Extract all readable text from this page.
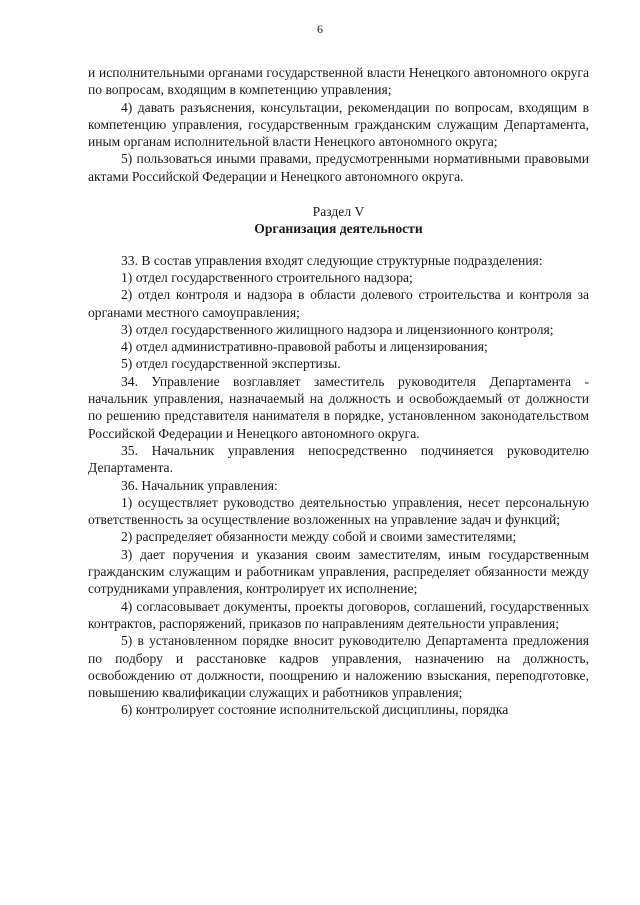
6

и исполнительными органами государственной власти Ненецкого автономного округа по вопросам, входящим в компетенцию управления;

4) давать разъяснения, консультации, рекомендации по вопросам, входящим в компетенцию управления, государственным гражданским служащим Департамента, иным органам исполнительной власти Ненецкого автономного округа;

5) пользоваться иными правами, предусмотренными нормативными правовыми актами Российской Федерации и Ненецкого автономного округа.

Раздел V

Организация деятельности

33. В состав управления входят следующие структурные подразделения:

1) отдел государственного строительного надзора;

2) отдел контроля и надзора в области долевого строительства и контроля за органами местного самоуправления;

3) отдел государственного жилищного надзора и лицензионного контроля;

4) отдел административно-правовой работы и лицензирования;

5) отдел государственной экспертизы.

34. Управление возглавляет заместитель руководителя Департамента - начальник управления, назначаемый на должность и освобождаемый от должности по решению представителя нанимателя в порядке, установленном законодательством Российской Федерации и Ненецкого автономного округа.

35. Начальник управления непосредственно подчиняется руководителю Департамента.

36. Начальник управления:

1) осуществляет руководство деятельностью управления, несет персональную ответственность за осуществление возложенных на управление задач и функций;

2) распределяет обязанности между собой и своими заместителями;

3) дает поручения и указания своим заместителям, иным государственным гражданским служащим и работникам управления, распределяет обязанности между сотрудниками управления, контролирует их исполнение;

4) согласовывает документы, проекты договоров, соглашений, государственных контрактов, распоряжений, приказов по направлениям деятельности управления;

5) в установленном порядке вносит руководителю Департамента предложения по подбору и расстановке кадров управления, назначению на должность, освобождению от должности, поощрению и наложению взыскания, переподготовке, повышению квалификации служащих и работников управления;

6) контролирует состояние исполнительской дисциплины, порядка
